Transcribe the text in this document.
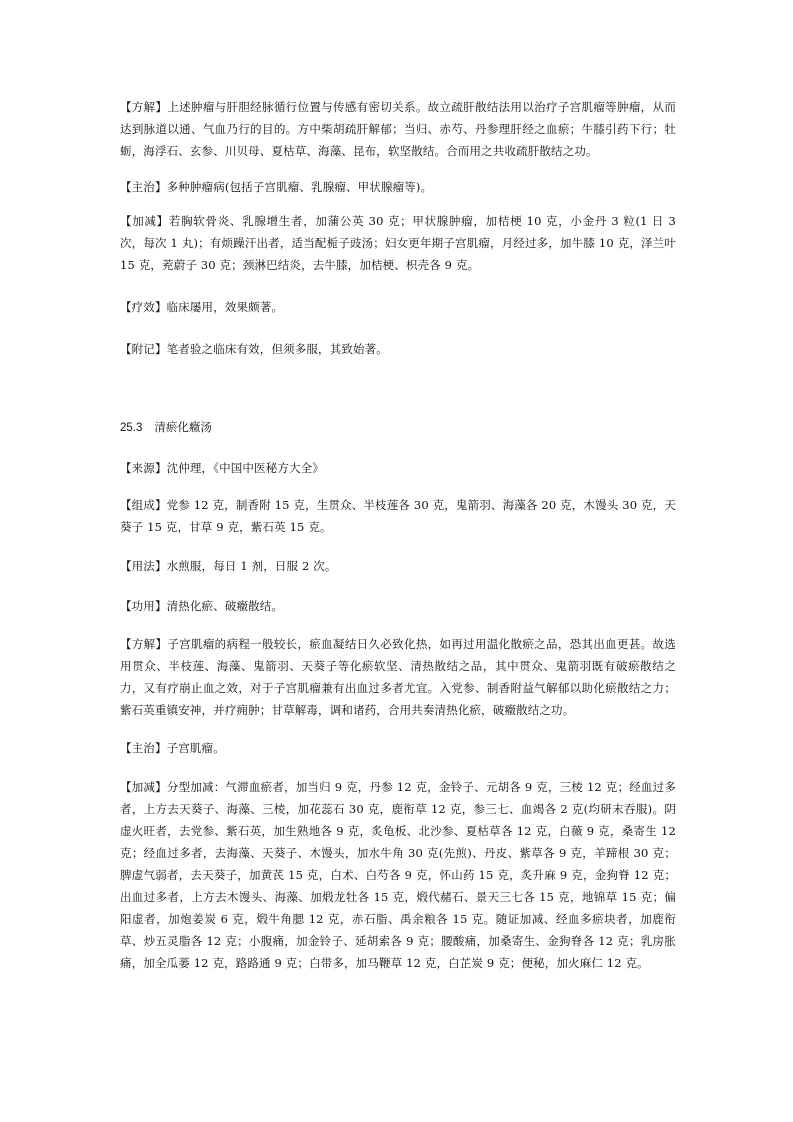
【方解】上述肿瘤与肝胆经脉循行位置与传感有密切关系。故立疏肝散结法用以治疗子宫肌瘤等肿瘤，从而达到脉道以通、气血乃行的目的。方中柴胡疏肝解郁；当归、赤芍、丹参理肝经之血瘀；牛膝引药下行；牡蛎，海浮石、玄参、川贝母、夏枯草、海藻、昆布，软坚散结。合而用之共收疏肝散结之功。

【主治】多种肿瘤病(包括子宫肌瘤、乳腺瘤、甲状腺瘤等)。

【加减】若胸软骨炎、乳腺增生者，加蒲公英 30 克；甲状腺肿瘤，加桔梗 10 克，小金丹 3 粒(1 日 3 次，每次 1 丸)；有烦躁汗出者，适当配栀子豉汤；妇女更年期子宫肌瘤，月经过多，加牛膝 10 克，泽兰叶 15 克，茺蔚子 30 克；颈淋巴结炎，去牛膝，加桔梗、枳壳各 9 克。

【疗效】临床屡用，效果颇著。

【附记】笔者验之临床有效，但须多服，其致始著。

25.3 清瘀化癥汤

【来源】沈仲理，《中国中医秘方大全》

【组成】党参 12 克，制香附 15 克，生贯众、半枝莲各 30 克，鬼箭羽、海藻各 20 克，木馒头 30 克，天葵子 15 克，甘草 9 克，紫石英 15 克。

【用法】水煎服，每日 1 剂，日服 2 次。

【功用】清热化瘀、破癥散结。

【方解】子宫肌瘤的病程一般较长，瘀血凝结日久必致化热，如再过用温化散瘀之品，恐其出血更甚。故选用贯众、半枝莲、海藻、鬼箭羽、天葵子等化瘀软坚、清热散结之品，其中贯众、鬼箭羽既有破瘀散结之力，又有疗崩止血之效，对于子宫肌瘤兼有出血过多者尤宜。入党参、制香附益气解郁以助化瘀散结之力；紫石英重镇安神，并疗痈肿；甘草解毒，调和诸药，合用共奏清热化瘀，破癥散结之功。

【主治】子宫肌瘤。

【加减】分型加减：气滞血瘀者，加当归 9 克，丹参 12 克，金铃子、元胡各 9 克，三棱 12 克；经血过多者，上方去天葵子、海藻、三棱，加花蕊石 30 克，鹿衔草 12 克，参三七、血竭各 2 克(均研末吞服)。阴虚火旺者，去党参、紫石英，加生熟地各 9 克，炙龟板、北沙参、夏枯草各 12 克，白薇 9 克，桑寄生 12 克；经血过多者，去海藻、天葵子、木馒头，加水牛角 30 克(先煎)、丹皮、紫草各 9 克，羊蹄根 30 克；脾虚气弱者，去天葵子，加黄芪 15 克，白术、白芍各 9 克，怀山药 15 克，炙升麻 9 克，金狗脊 12 克；出血过多者，上方去木馒头、海藻、加煅龙牡各 15 克，煅代赭石、景天三七各 15 克，地锦草 15 克；偏阳虚者，加炮姜炭 6 克，煅牛角腮 12 克，赤石脂、禹余粮各 15 克。随证加减、经血多瘀块者，加鹿衔草、炒五灵脂各 12 克；小腹痛，加金铃子、延胡索各 9 克；腰酸痛，加桑寄生、金狗脊各 12 克；乳房胀痛，加全瓜蒌 12 克，路路通 9 克；白带多，加马鞭草 12 克，白芷炭 9 克；便秘，加火麻仁 12 克。
